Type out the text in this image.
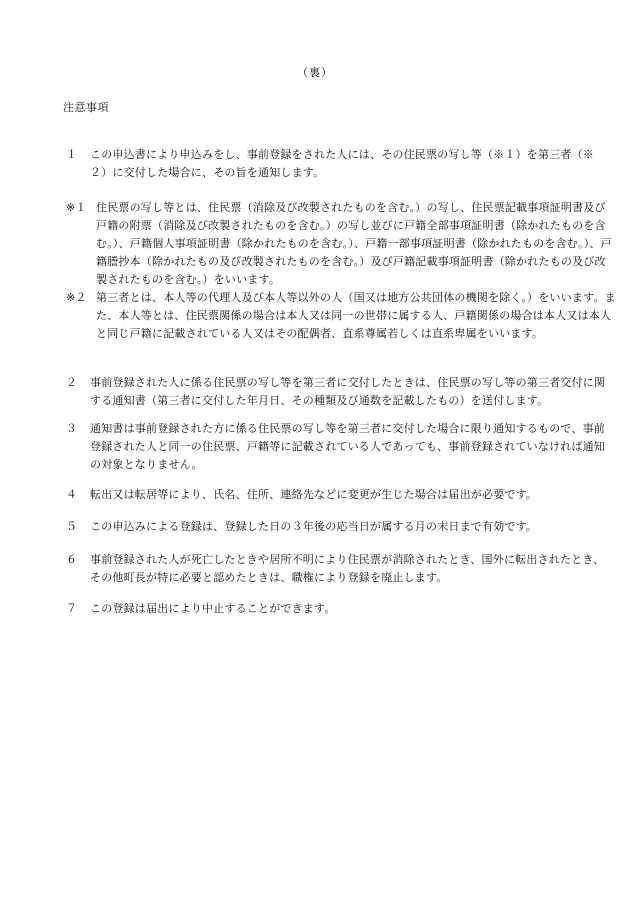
（裏）
注意事項
１ この申込書により申込みをし、事前登録をされた人には、その住民票の写し等（※１）を第三者（※２）に交付した場合に、その旨を通知します。
※１ 住民票の写し等とは、住民票（消除及び改製されたものを含む。）の写し、住民票記載事項証明書及び戸籍の附票（消除及び改製されたものを含む。）の写し並びに戸籍全部事項証明書（除かれたものを含む。）、戸籍個人事項証明書（除かれたものを含む。）、戸籍一部事項証明書（除かれたものを含む。）、戸籍謄抄本（除かれたもの及び改製されたものを含む。）及び戸籍記載事項証明書（除かれたもの及び改製されたものを含む。）をいいます。
※２ 第三者とは、本人等の代理人及び本人等以外の人（国又は地方公共団体の機関を除く。）をいいます。また、本人等とは、住民票関係の場合は本人又は同一の世帯に属する人、戸籍関係の場合は本人又は本人と同じ戸籍に記載されている人又はその配偶者、直系尊属若しくは直系卑属をいいます。
２ 事前登録された人に係る住民票の写し等を第三者に交付したときは、住民票の写し等の第三者交付に関する通知書（第三者に交付した年月日、その種類及び通数を記載したもの）を送付します。
３ 通知書は事前登録された方に係る住民票の写し等を第三者に交付した場合に限り通知するもので、事前登録された人と同一の住民票、戸籍等に記載されている人であっても、事前登録されていなければ通知の対象となりません。
４ 転出又は転居等により、氏名、住所、連絡先などに変更が生じた場合は届出が必要です。
５ この申込みによる登録は、登録した日の３年後の応当日が属する月の末日まで有効です。
６ 事前登録された人が死亡したときや居所不明により住民票が消除されたとき、国外に転出されたとき、その他町長が特に必要と認めたときは、職権により登録を廃止します。
７ この登録は届出により中止することができます。
